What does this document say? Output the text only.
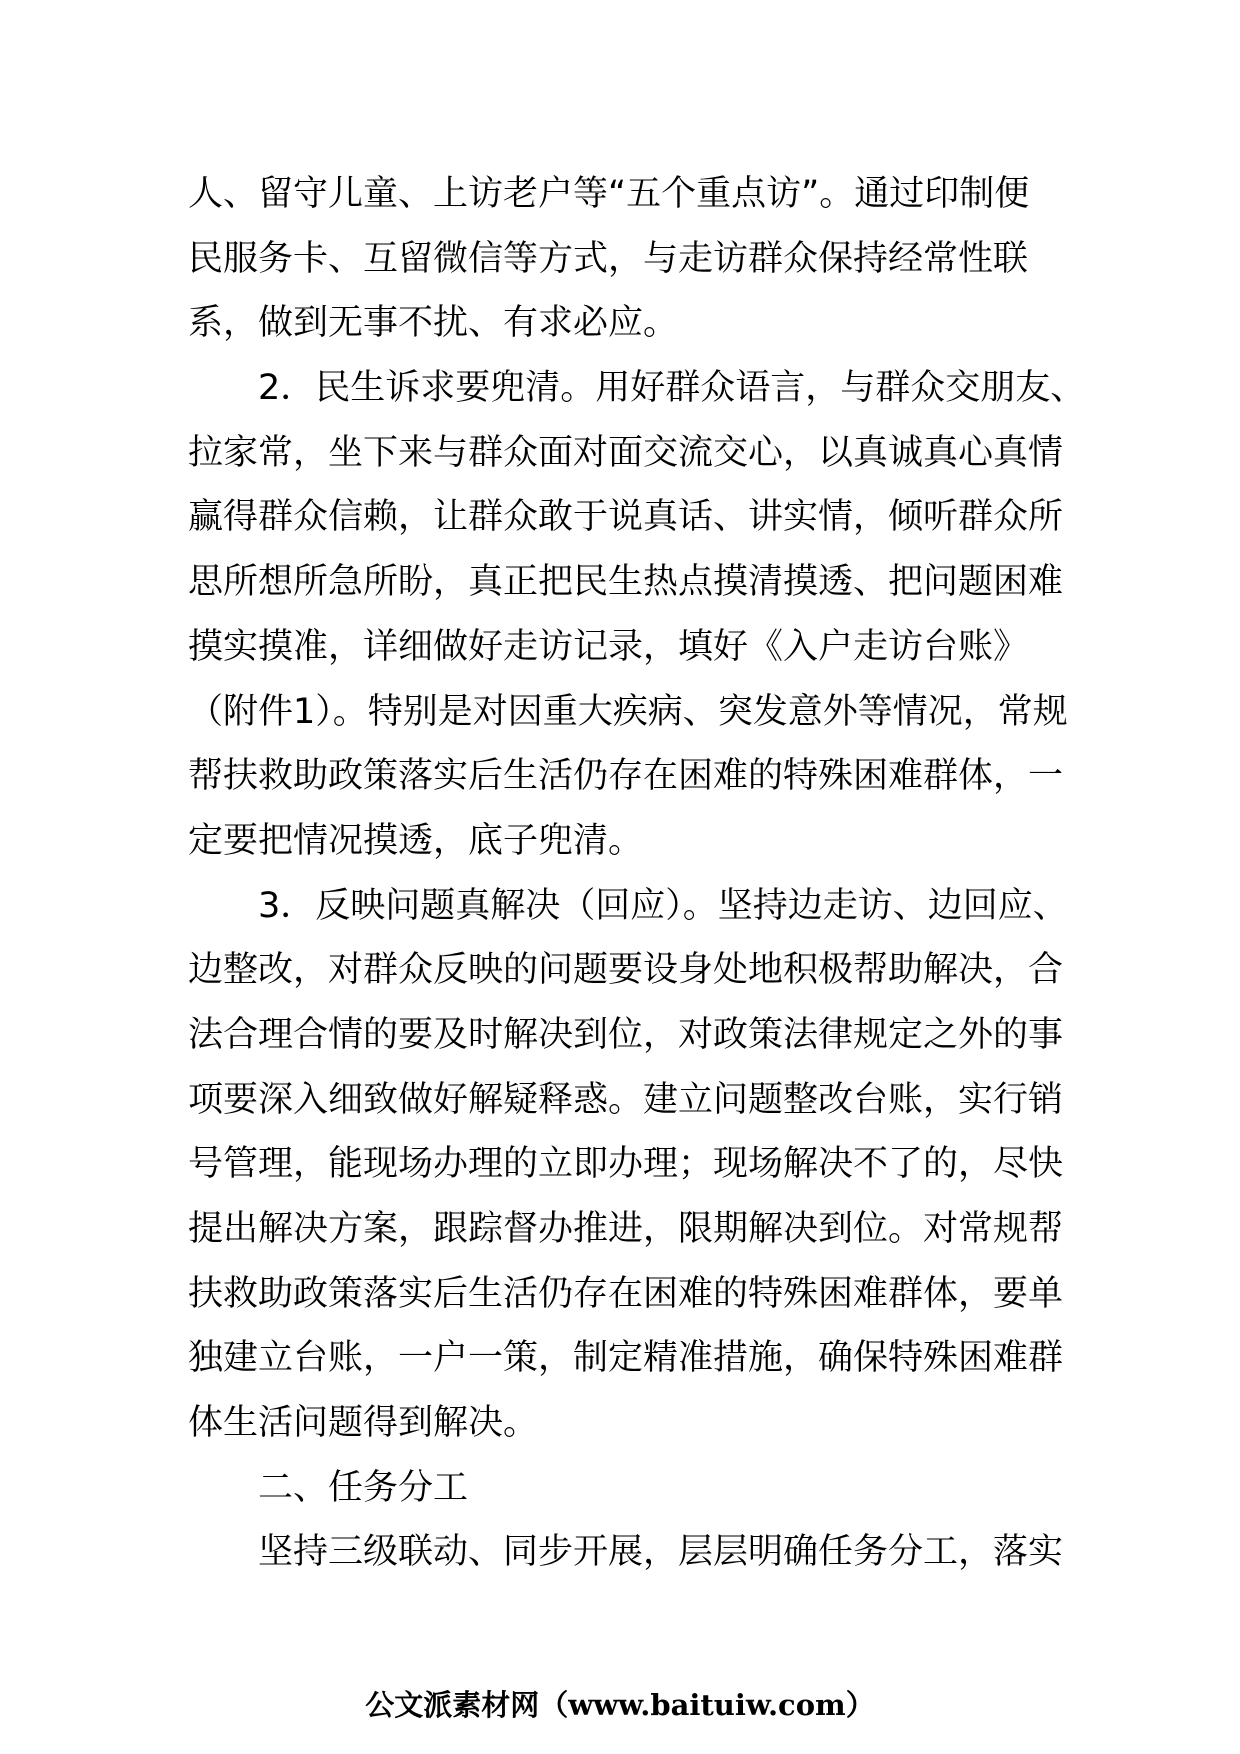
人、留守儿童、上访老户等“五个重点访”。通过印制便
民服务卡、互留微信等方式，与走访群众保持经常性联
系，做到无事不扰、有求必应。
2．民生诉求要兜清。用好群众语言，与群众交朋友、
拉家常，坐下来与群众面对面交流交心，以真诚真心真情
赢得群众信赖，让群众敢于说真话、讲实情，倾听群众所
思所想所急所盼，真正把民生热点摸清摸透、把问题困难
摸实摸准，详细做好走访记录，填好《入户走访台账》
（附件1）。特别是对因重大疾病、突发意外等情况，常规
帮扶救助政策落实后生活仍存在困难的特殊困难群体，一
定要把情况摸透，底子兜清。
3．反映问题真解决（回应）。坚持边走访、边回应、
边整改，对群众反映的问题要设身处地积极帮助解决，合
法合理合情的要及时解决到位，对政策法律规定之外的事
项要深入细致做好解疑释惑。建立问题整改台账，实行销
号管理，能现场办理的立即办理；现场解决不了的，尽快
提出解决方案，跟踪督办推进，限期解决到位。对常规帮
扶救助政策落实后生活仍存在困难的特殊困难群体，要单
独建立台账，一户一策，制定精准措施，确保特殊困难群
体生活问题得到解决。
二、任务分工
坚持三级联动、同步开展，层层明确任务分工，落实
公文派素材网（www.baituiw.com）
